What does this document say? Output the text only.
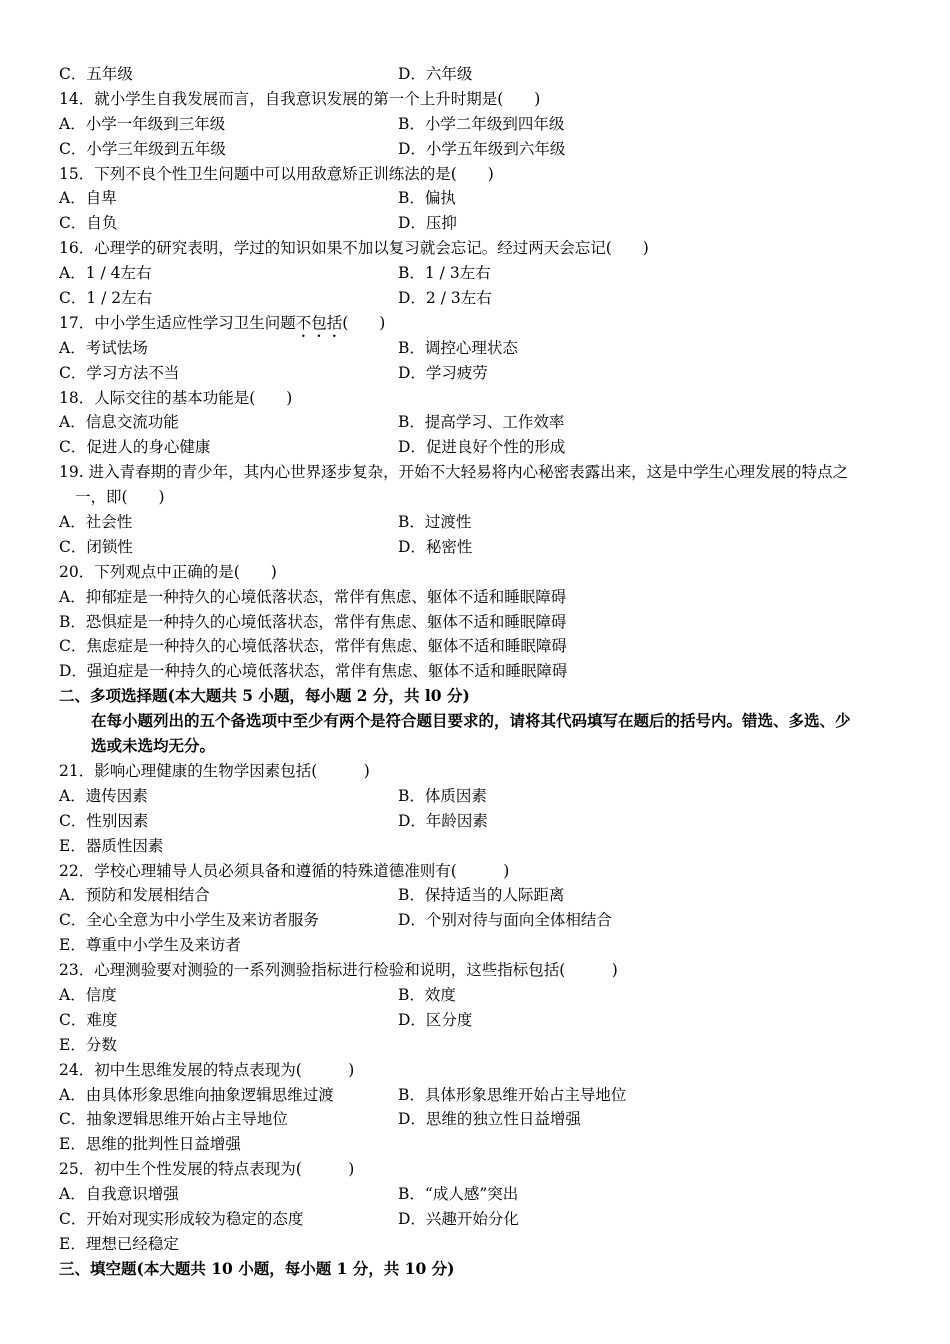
C．五年级	D．六年级
14．就小学生自我发展而言，自我意识发展的第一个上升时期是(　　)
A．小学一年级到三年级	B．小学二年级到四年级
C．小学三年级到五年级	D．小学五年级到六年级
15．下列不良个性卫生问题中可以用敌意矫正训练法的是(　　)
A．自卑	B．偏执
C．自负	D．压抑
16．心理学的研究表明，学过的知识如果不加以复习就会忘记。经过两天会忘记(　　)
A．1 / 4左右	B．1 / 3左右
C．1 / 2左右	D．2 / 3左右
17．中小学生适应性学习卫生问题不包括(　　)
A．考试怯场	B．调控心理状态
C．学习方法不当	D．学习疲劳
18．人际交往的基本功能是(　　)
A．信息交流功能	B．提高学习、工作效率
C．促进人的身心健康	D．促进良好个性的形成
19. 进入青春期的青少年，其内心世界逐步复杂，开始不大轻易将内心秘密表露出来，这是中学生心理发展的特点之
一，即(　　)
A．社会性	B．过渡性
C．闭锁性	D．秘密性
20．下列观点中正确的是(　　)
A．抑郁症是一种持久的心境低落状态，常伴有焦虑、躯体不适和睡眠障碍
B．恐惧症是一种持久的心境低落状态，常伴有焦虑、躯体不适和睡眠障碍
C．焦虑症是一种持久的心境低落状态，常伴有焦虑、躯体不适和睡眠障碍
D．强迫症是一种持久的心境低落状态，常伴有焦虑、躯体不适和睡眠障碍
二、多项选择题(本大题共 5 小题，每小题 2 分，共 l0 分)
在每小题列出的五个备选项中至少有两个是符合题目要求的，请将其代码填写在题后的括号内。错选、多选、少
选或未选均无分。
21．影响心理健康的生物学因素包括(　　　)
A．遗传因素	B．体质因素
C．性别因素	D．年龄因素
E．器质性因素
22．学校心理辅导人员必须具备和遵循的特殊道德准则有(　　　)
A．预防和发展相结合	B．保持适当的人际距离
C．全心全意为中小学生及来访者服务	D．个别对待与面向全体相结合
E．尊重中小学生及来访者
23．心理测验要对测验的一系列测验指标进行检验和说明，这些指标包括(　　　)
A．信度	B．效度
C．难度	D．区分度
E．分数
24．初中生思维发展的特点表现为(　　　)
A．由具体形象思维向抽象逻辑思维过渡	B．具体形象思维开始占主导地位
C．抽象逻辑思维开始占主导地位	D．思维的独立性日益增强
E．思维的批判性日益增强
25．初中生个性发展的特点表现为(　　　)
A．自我意识增强	B．“成人感”突出
C．开始对现实形成较为稳定的态度	D．兴趣开始分化
E．理想已经稳定
三、填空题(本大题共 10 小题，每小题 1 分，共 10 分)
